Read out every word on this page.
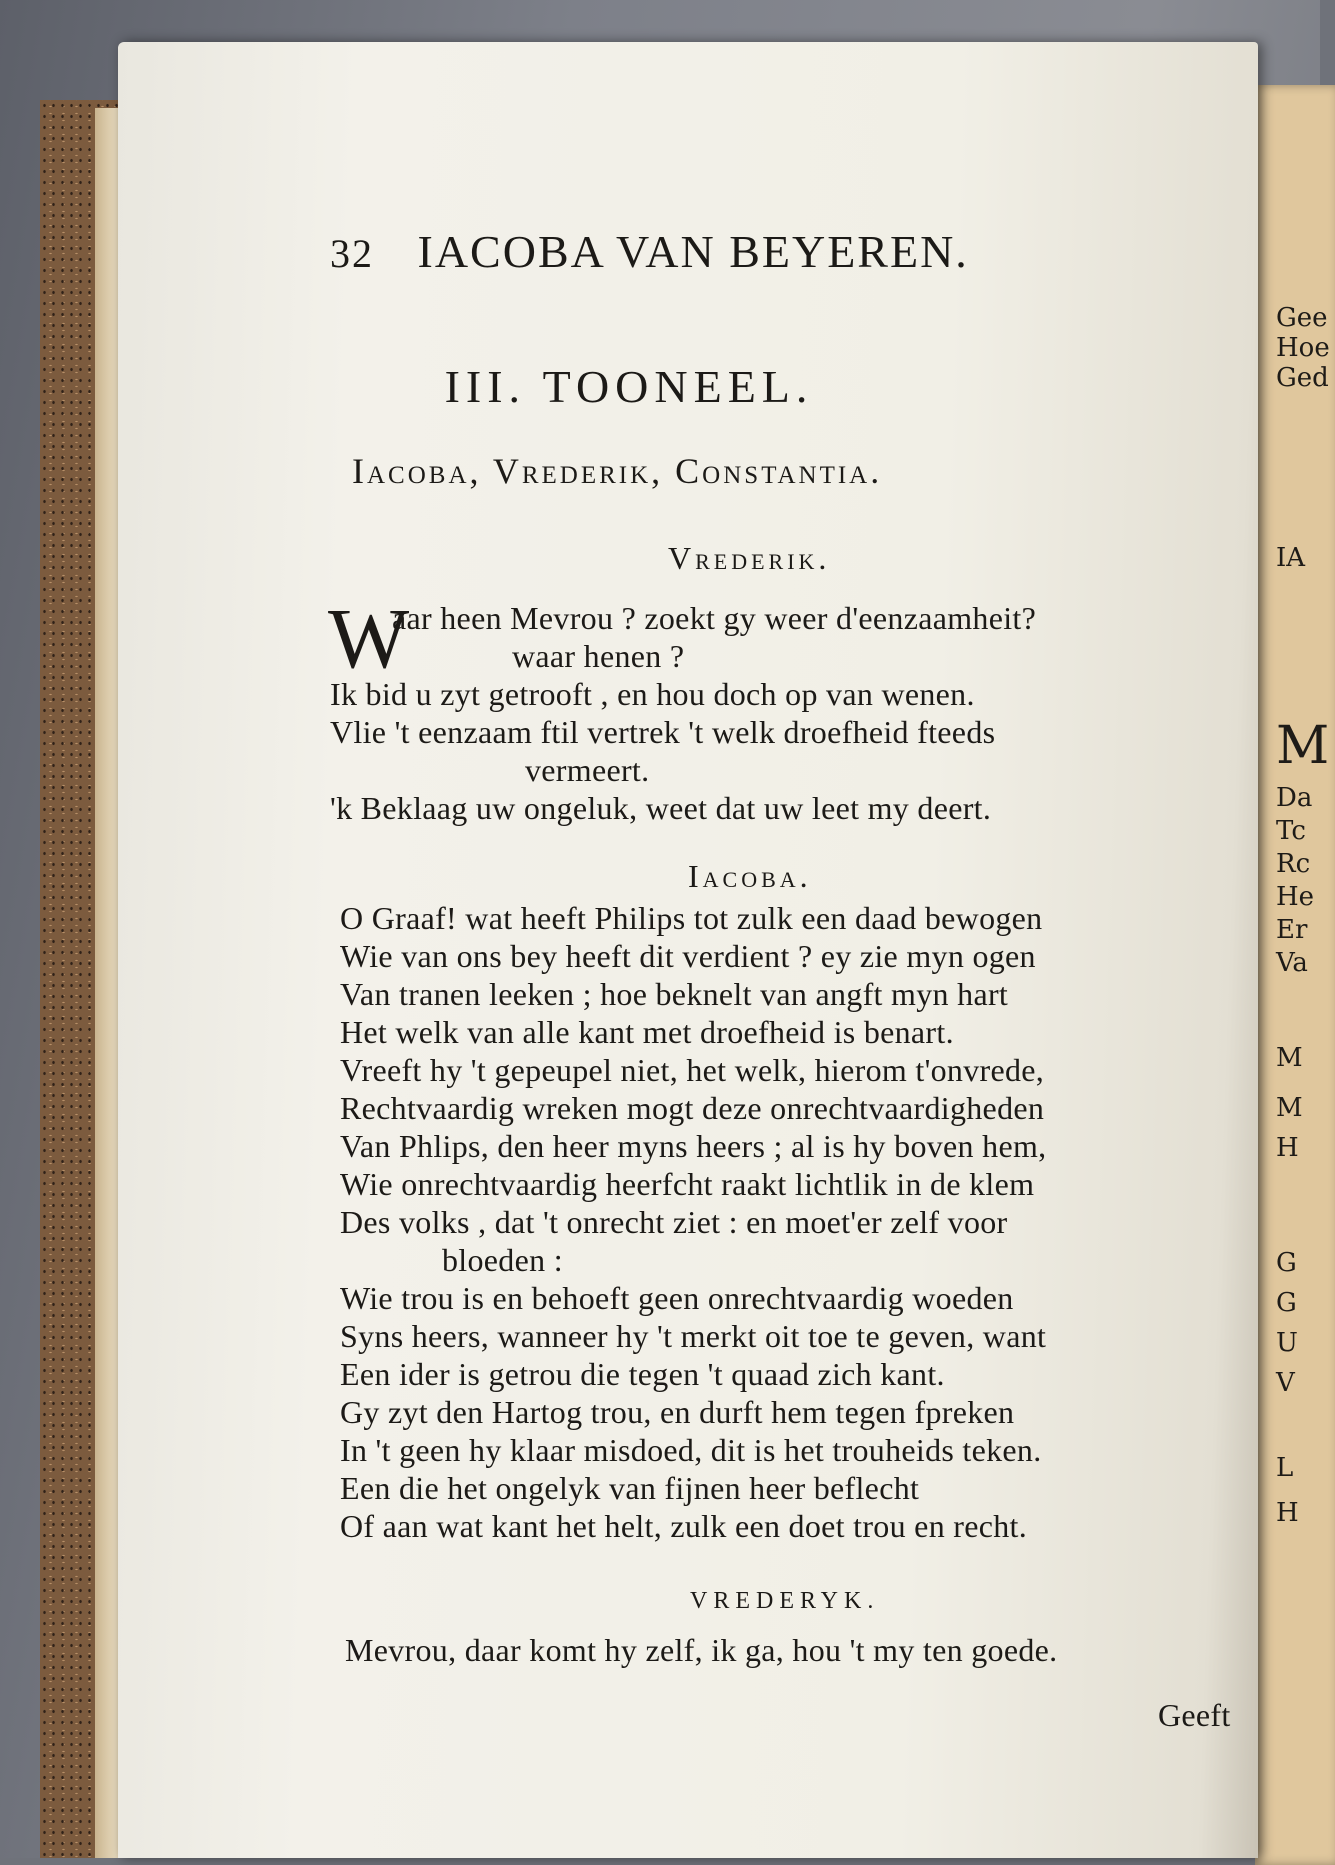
Gee
Hoe
Ged
IA
M
Da
Tc
Rc
He
Er
Va
M
M
H
G
G
U
V
L
H
32 IACOBA VAN BEYEREN.
III. TOONEEL.
Iacoba, Vrederik, Constantia.
Vrederik.
W
aar heen Mevrou ? zoekt gy weer d'eenzaamheit?
waar henen ?
Ik bid u zyt getrooft , en hou doch op van wenen.
Vlie 't eenzaam ftil vertrek 't welk droefheid fteeds
vermeert.
'k Beklaag uw ongeluk, weet dat uw leet my deert.
Iacoba.
O Graaf! wat heeft Philips tot zulk een daad bewogen
Wie van ons bey heeft dit verdient ? ey zie myn ogen
Van tranen leeken ; hoe beknelt van angft myn hart
Het welk van alle kant met droefheid is benart.
Vreeft hy 't gepeupel niet, het welk, hierom t'onvrede,
Rechtvaardig wreken mogt deze onrechtvaardigheden
Van Phlips, den heer myns heers ; al is hy boven hem,
Wie onrechtvaardig heerfcht raakt lichtlik in de klem
Des volks , dat 't onrecht ziet : en moet'er zelf voor
bloeden :
Wie trou is en behoeft geen onrechtvaardig woeden
Syns heers, wanneer hy 't merkt oit toe te geven, want
Een ider is getrou die tegen 't quaad zich kant.
Gy zyt den Hartog trou, en durft hem tegen fpreken
In 't geen hy klaar misdoed, dit is het trouheids teken.
Een die het ongelyk van fijnen heer beflecht
Of aan wat kant het helt, zulk een doet trou en recht.
VREDERYK.
Mevrou, daar komt hy zelf, ik ga, hou 't my ten goede.
Geeft
